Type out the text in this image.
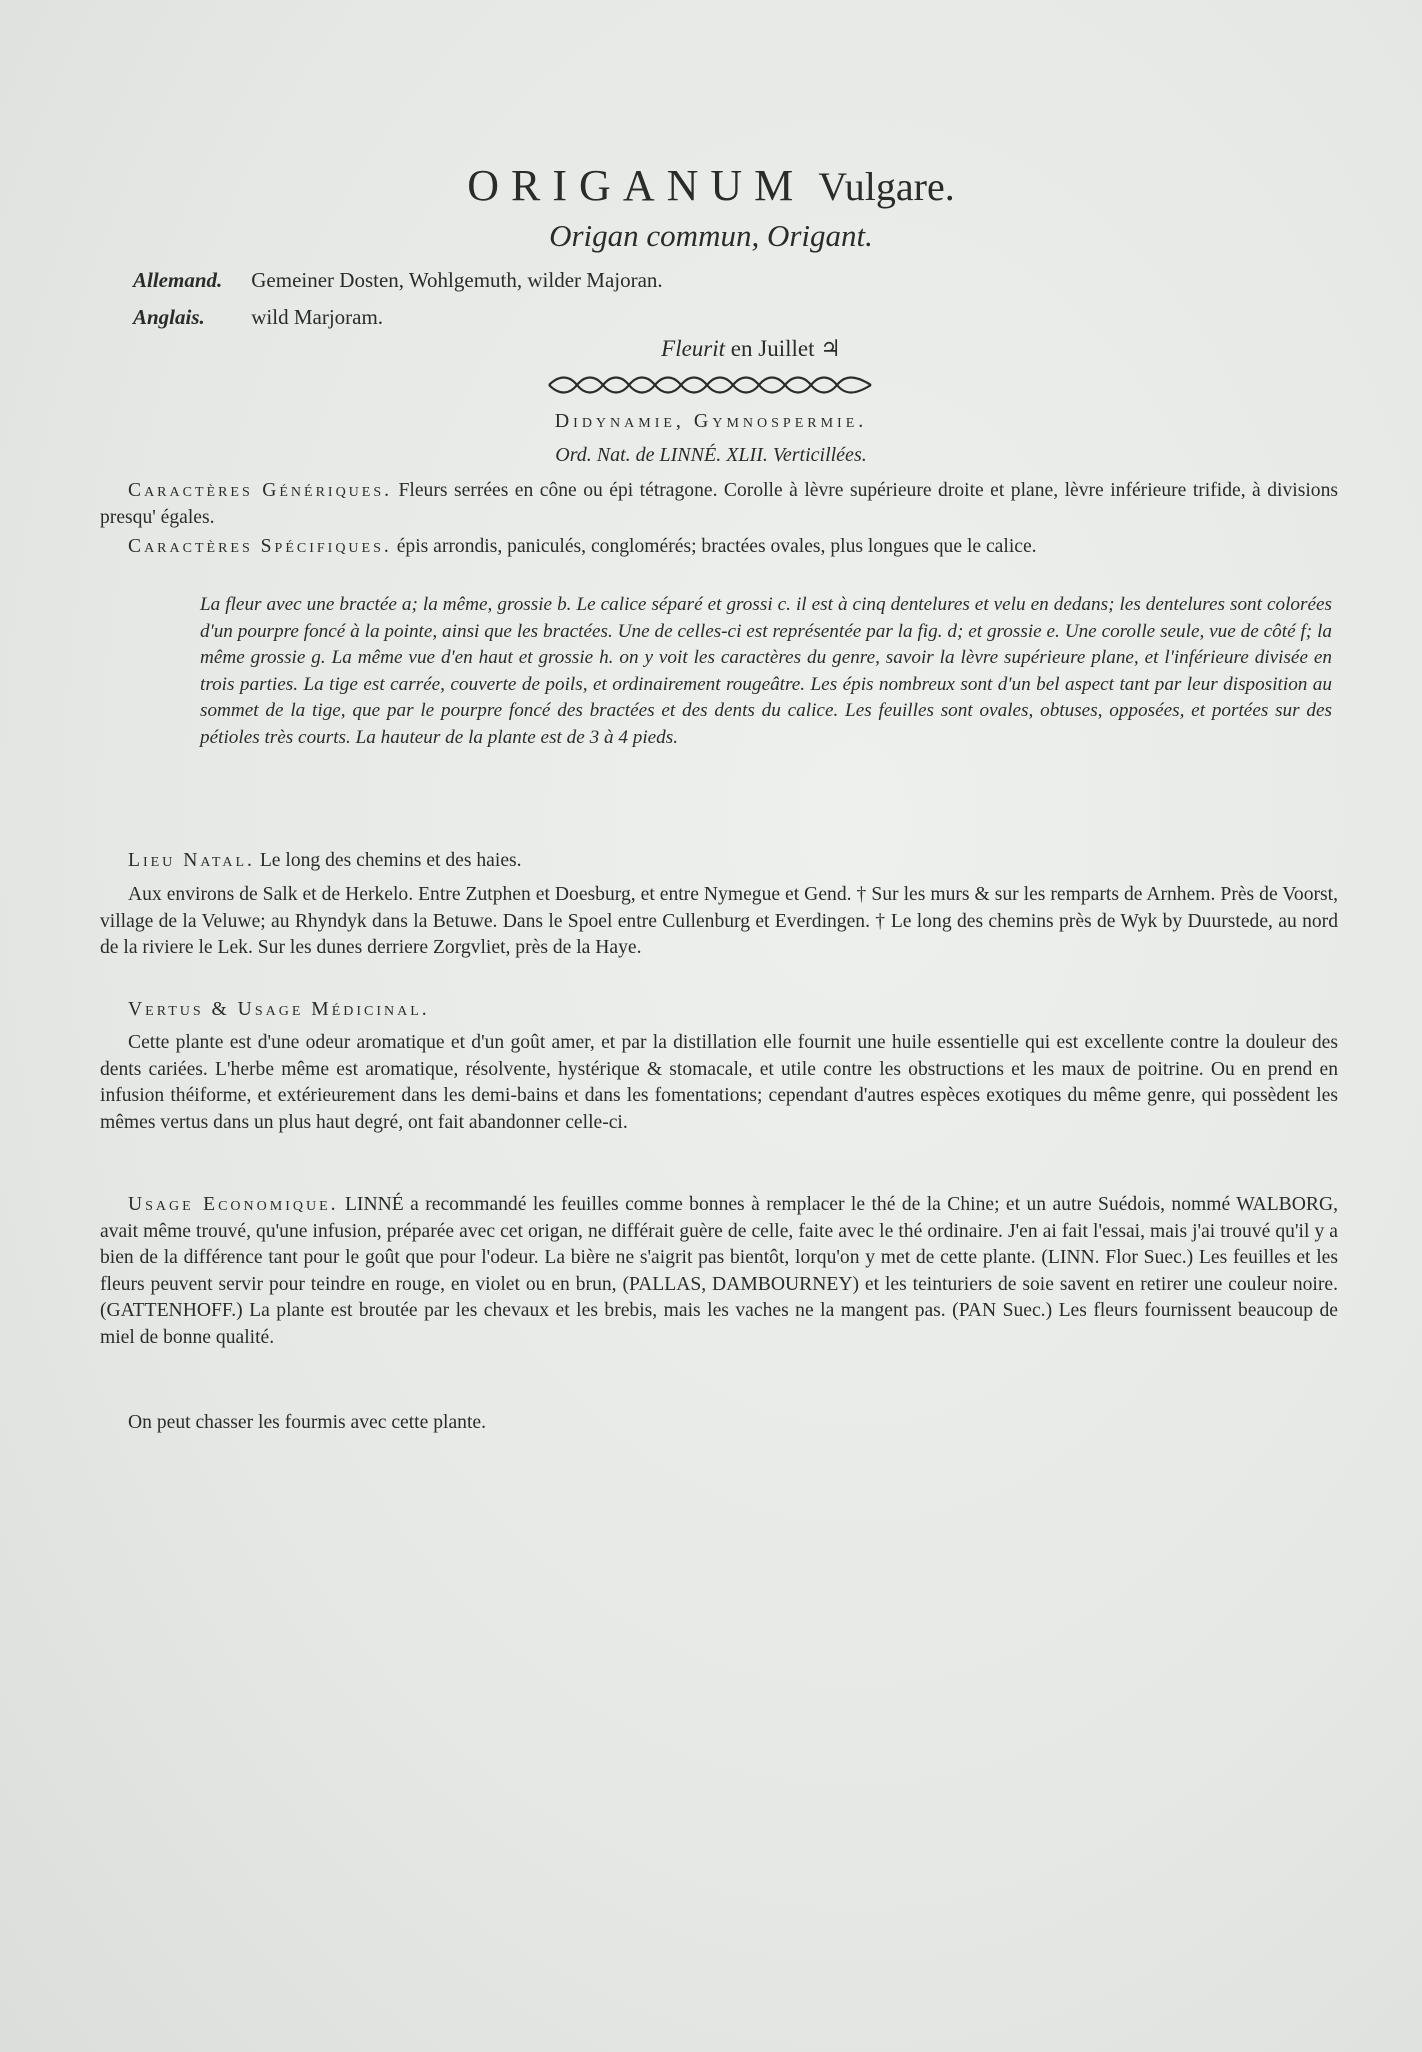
ORIGANUM Vulgare.
Origan commun, Origant.
Allemand. Gemeiner Dosten, Wohlgemuth, wilder Majoran.
Anglais. wild Marjoram.
Fleurit en Juillet ♃
Didynamie, Gymnospermie.
Ord. Nat. de LINNÉ. XLII. Verticillées.

Caractères Génériques. Fleurs serrées en cône ou épi tétragone. Corolle à lèvre supérieure droite et plane, lèvre inférieure trifide, à divisions presqu' égales.

Caractères Spécifiques. épis arrondis, paniculés, conglomérés; bractées ovales, plus longues que le calice.

La fleur avec une bractée a; la même, grossie b. Le calice séparé et grossi c. il est à cinq dentelures et velu en dedans; les dentelures sont colorées d'un pourpre foncé à la pointe, ainsi que les bractées. Une de celles-ci est représentée par la fig. d; et grossie e. Une corolle seule, vue de côté f; la même grossie g. La même vue d'en haut et grossie h. on y voit les caractères du genre, savoir la lèvre supérieure plane, et l'inférieure divisée en trois parties. La tige est carrée, couverte de poils, et ordinairement rougeâtre. Les épis nombreux sont d'un bel aspect tant par leur disposition au sommet de la tige, que par le pourpre foncé des bractées et des dents du calice. Les feuilles sont ovales, obtuses, opposées, et portées sur des pétioles très courts. La hauteur de la plante est de 3 à 4 pieds.

Lieu Natal. Le long des chemins et des haies.

Aux environs de Salk et de Herkelo. Entre Zutphen et Doesburg, et entre Nymegue et Gend. † Sur les murs & sur les remparts de Arnhem. Près de Voorst, village de la Veluwe; au Rhyndyk dans la Betuwe. Dans le Spoel entre Cullenburg et Everdingen. † Le long des chemins près de Wyk by Duurstede, au nord de la riviere le Lek. Sur les dunes derriere Zorgvliet, près de la Haye.

Vertus & Usage Médicinal.

Cette plante est d'une odeur aromatique et d'un goût amer, et par la distillation elle fournit une huile essentielle qui est excellente contre la douleur des dents cariées. L'herbe même est aromatique, résolvente, hystérique & stomacale, et utile contre les obstructions et les maux de poitrine. Ou en prend en infusion théiforme, et extérieurement dans les demi-bains et dans les fomentations; cependant d'autres espèces exotiques du même genre, qui possèdent les mêmes vertus dans un plus haut degré, ont fait abandonner celle-ci.

Usage Economique. LINNÉ a recommandé les feuilles comme bonnes à remplacer le thé de la Chine; et un autre Suédois, nommé WALBORG, avait même trouvé, qu'une infusion, préparée avec cet origan, ne différait guère de celle, faite avec le thé ordinaire. J'en ai fait l'essai, mais j'ai trouvé qu'il y a bien de la différence tant pour le goût que pour l'odeur. La bière ne s'aigrit pas bientôt, lorqu'on y met de cette plante. (LINN. Flor Suec.) Les feuilles et les fleurs peuvent servir pour teindre en rouge, en violet ou en brun, (PALLAS, DAMBOURNEY) et les teinturiers de soie savent en retirer une couleur noire. (GATTENHOFF.) La plante est broutée par les chevaux et les brebis, mais les vaches ne la mangent pas. (PAN Suec.) Les fleurs fournissent beaucoup de miel de bonne qualité.

On peut chasser les fourmis avec cette plante.
